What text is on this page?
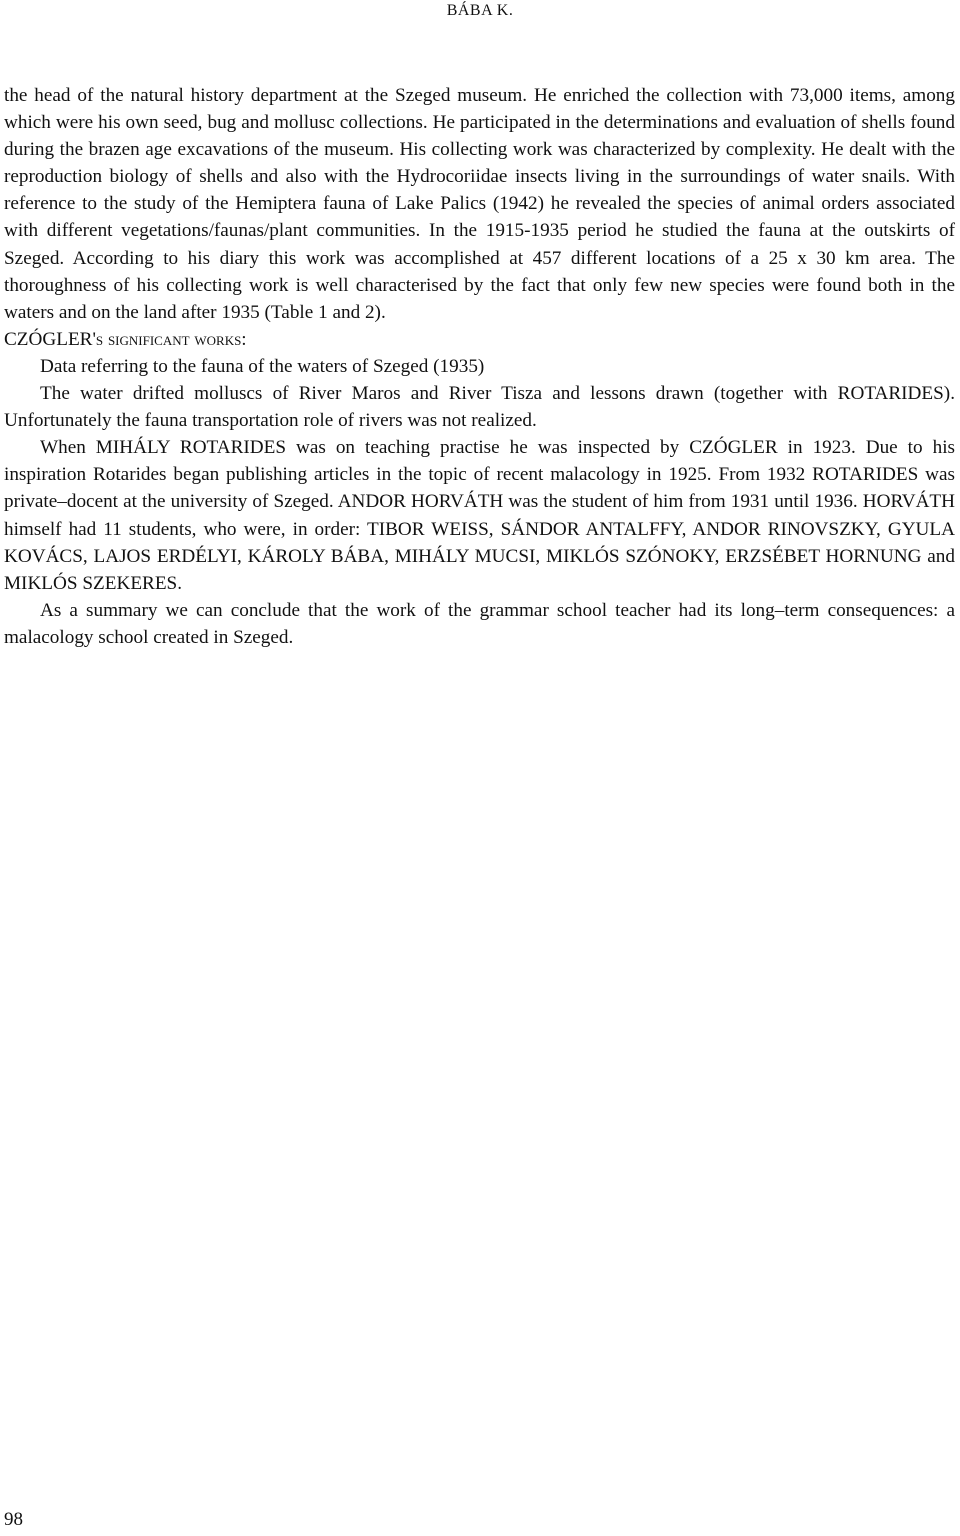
BÁBA K.

the head of the natural history department at the Szeged museum. He enriched the collection with 73,000 items, among which were his own seed, bug and mollusc collections. He participated in the determinations and evaluation of shells found during the brazen age excavations of the museum. His collecting work was characterized by complexity. He dealt with the reproduction biology of shells and also with the Hydrocoriidae insects living in the surroundings of water snails. With reference to the study of the Hemiptera fauna of Lake Palics (1942) he revealed the species of animal orders associated with different vegetations/faunas/plant communities. In the 1915-1935 period he studied the fauna at the outskirts of Szeged. According to his diary this work was accomplished at 457 different locations of a 25 x 30 km area. The thoroughness of his collecting work is well characterised by the fact that only few new species were found both in the waters and on the land after 1935 (Table 1 and 2).

CZÓGLER's significant works:

Data referring to the fauna of the waters of Szeged (1935)

The water drifted molluscs of River Maros and River Tisza and lessons drawn (together with ROTARIDES). Unfortunately the fauna transportation role of rivers was not realized.

When MIHÁLY ROTARIDES was on teaching practise he was inspected by CZÓGLER in 1923. Due to his inspiration Rotarides began publishing articles in the topic of recent malacology in 1925. From 1932 ROTARIDES was private–docent at the university of Szeged. ANDOR HORVÁTH was the student of him from 1931 until 1936. HORVÁTH himself had 11 students, who were, in order: TIBOR WEISS, SÁNDOR ANTALFFY, ANDOR RINOVSZKY, GYULA KOVÁCS, LAJOS ERDÉLYI, KÁROLY BÁBA, MIHÁLY MUCSI, MIKLÓS SZÓNOKY, ERZSÉBET HORNUNG and MIKLÓS SZEKERES.

As a summary we can conclude that the work of the grammar school teacher had its long–term consequences: a malacology school created in Szeged.

98
